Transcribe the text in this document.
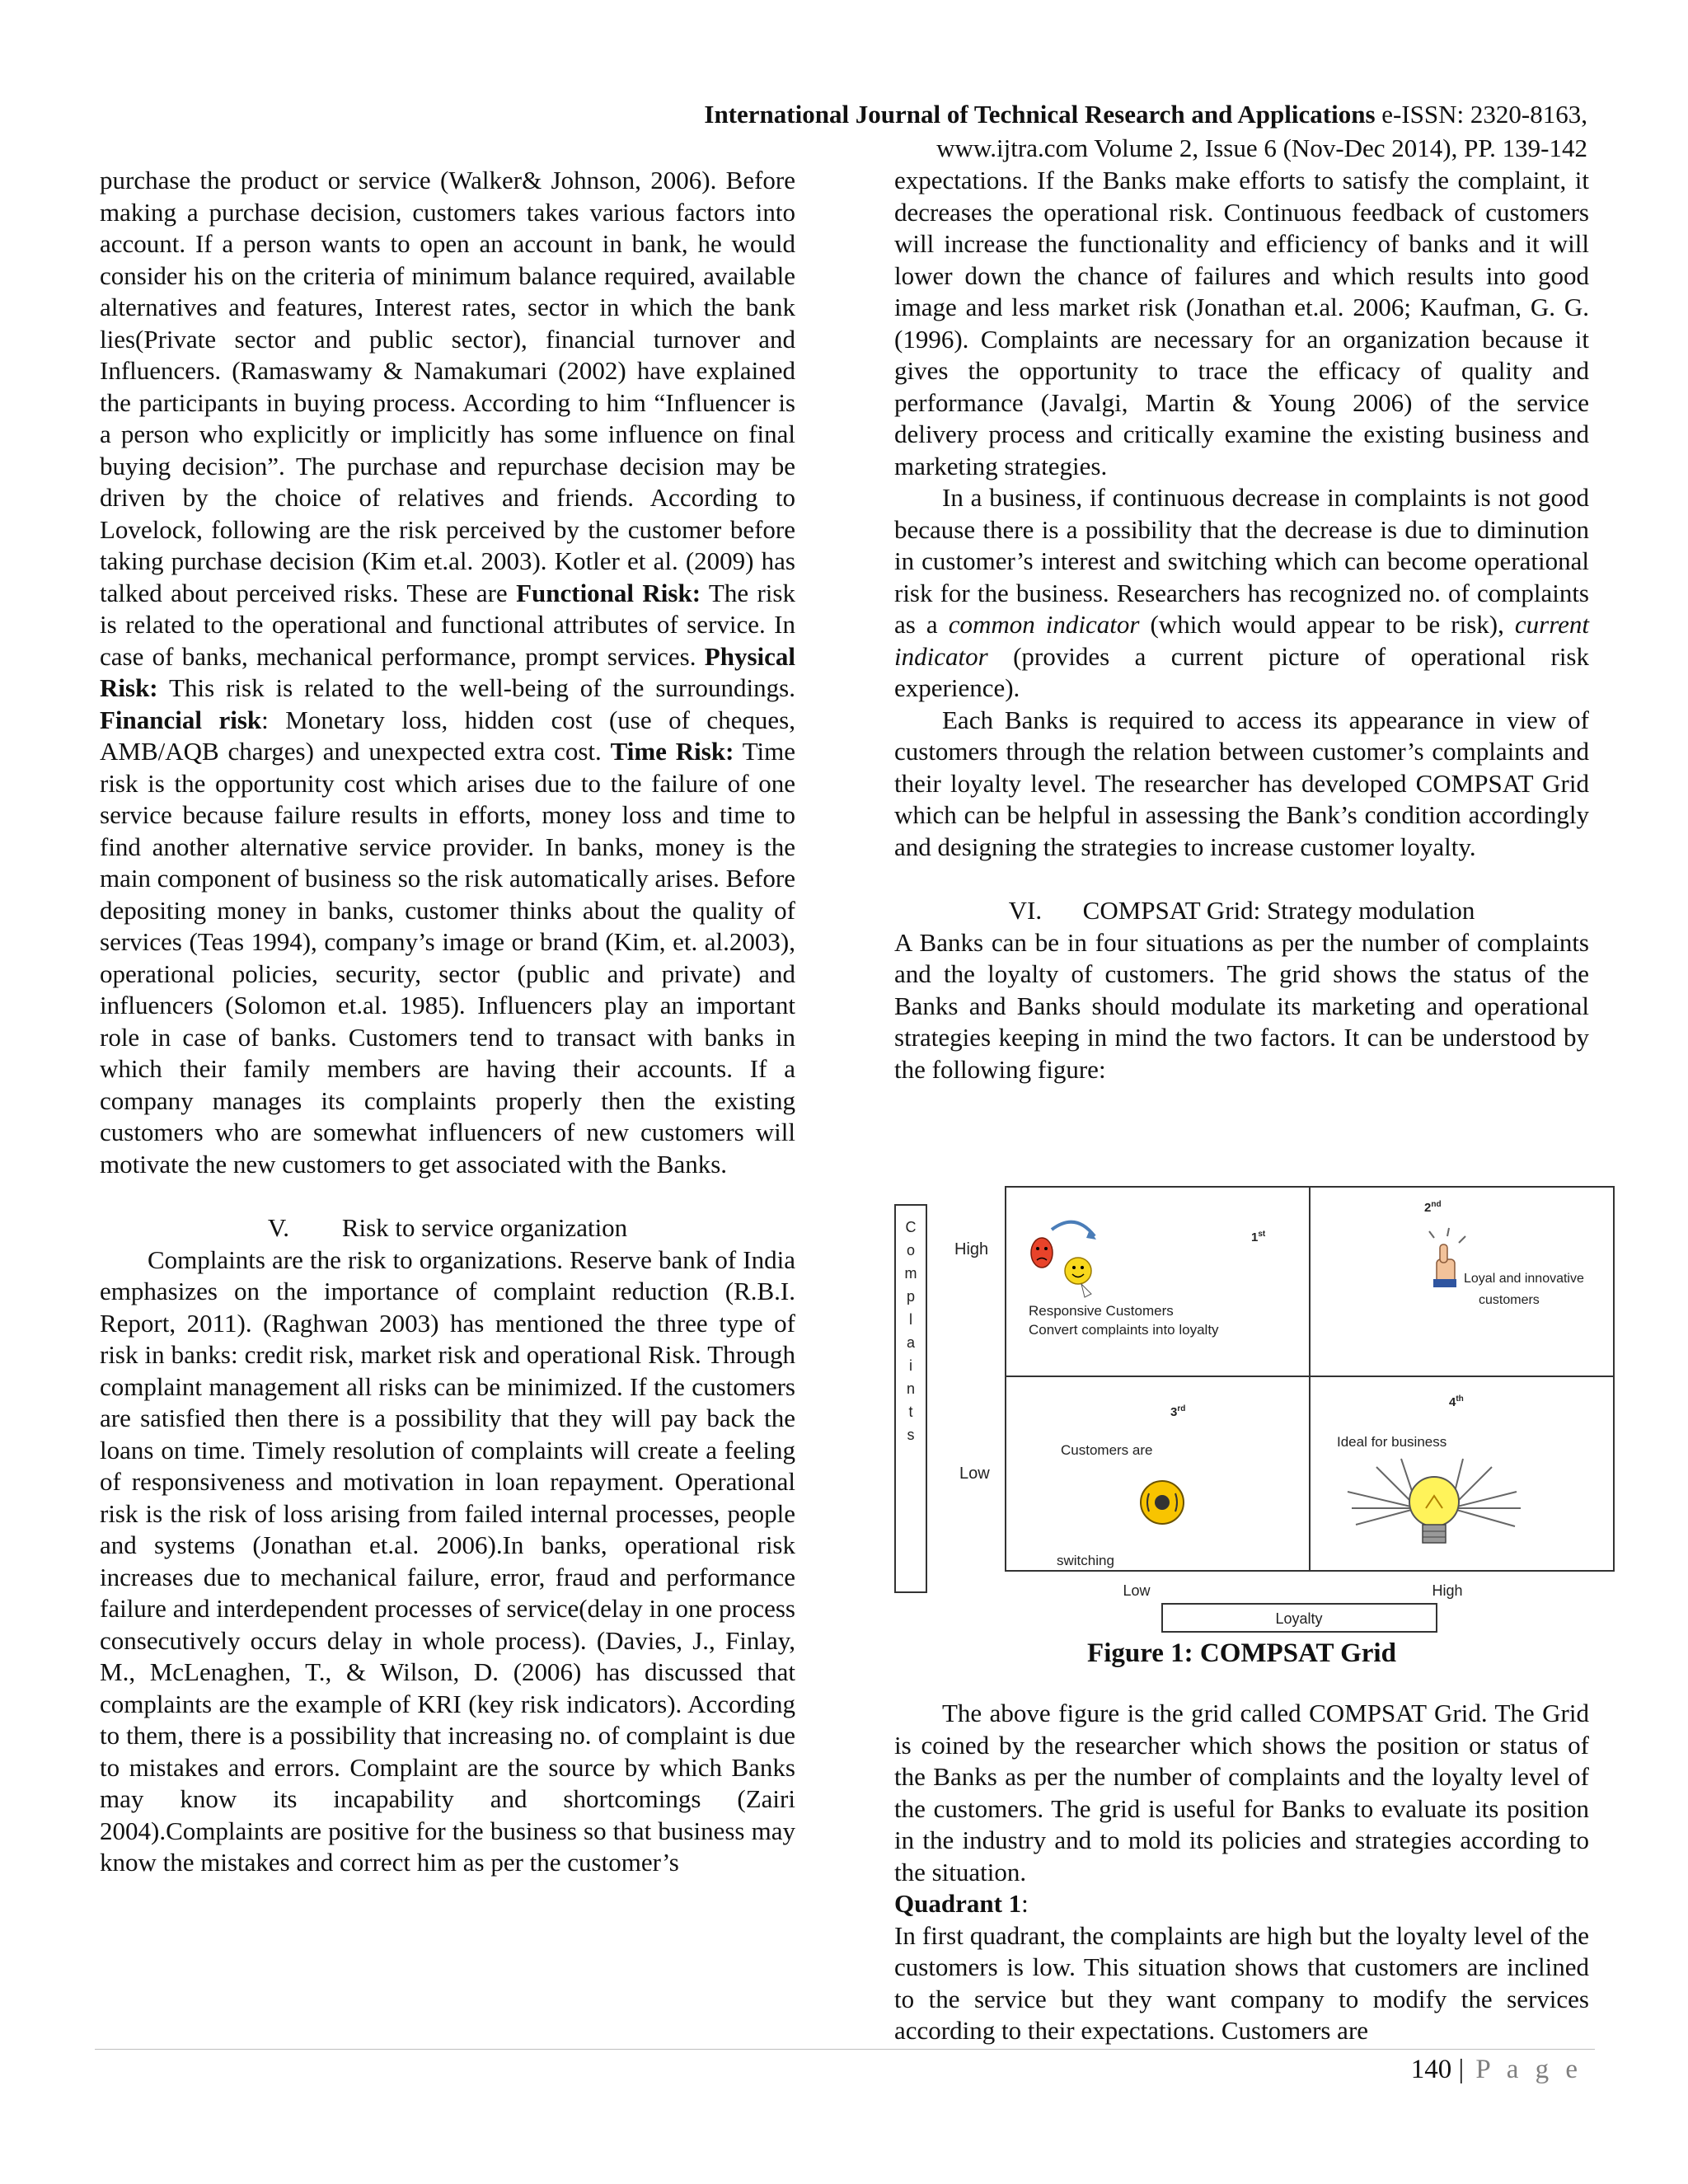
International Journal of Technical Research and Applications e-ISSN: 2320-8163,
www.ijtra.com Volume 2, Issue 6 (Nov-Dec 2014), PP. 139-142

purchase the product or service (Walker& Johnson, 2006). Before making a purchase decision, customers takes various factors into account. If a person wants to open an account in bank, he would consider his on the criteria of minimum balance required, available alternatives and features, Interest rates, sector in which the bank lies(Private sector and public sector), financial turnover and Influencers. (Ramaswamy & Namakumari (2002) have explained the participants in buying process. According to him “Influencer is a person who explicitly or implicitly has some influence on final buying decision”. The purchase and repurchase decision may be driven by the choice of relatives and friends. According to Lovelock, following are the risk perceived by the customer before taking purchase decision (Kim et.al. 2003). Kotler et al. (2009) has talked about perceived risks. These are Functional Risk: The risk is related to the operational and functional attributes of service. In case of banks, mechanical performance, prompt services. Physical Risk: This risk is related to the well-being of the surroundings. Financial risk: Monetary loss, hidden cost (use of cheques, AMB/AQB charges) and unexpected extra cost. Time Risk: Time risk is the opportunity cost which arises due to the failure of one service because failure results in efforts, money loss and time to find another alternative service provider. In banks, money is the main component of business so the risk automatically arises. Before depositing money in banks, customer thinks about the quality of services (Teas 1994), company’s image or brand (Kim, et. al.2003), operational policies, security, sector (public and private) and influencers (Solomon et.al. 1985). Influencers play an important role in case of banks. Customers tend to transact with banks in which their family members are having their accounts. If a company manages its complaints properly then the existing customers who are somewhat influencers of new customers will motivate the new customers to get associated with the Banks.

V. Risk to service organization

Complaints are the risk to organizations. Reserve bank of India emphasizes on the importance of complaint reduction (R.B.I. Report, 2011). (Raghwan 2003) has mentioned the three type of risk in banks: credit risk, market risk and operational Risk. Through complaint management all risks can be minimized. If the customers are satisfied then there is a possibility that they will pay back the loans on time. Timely resolution of complaints will create a feeling of responsiveness and motivation in loan repayment. Operational risk is the risk of loss arising from failed internal processes, people and systems (Jonathan et.al. 2006).In banks, operational risk increases due to mechanical failure, error, fraud and performance failure and interdependent processes of service(delay in one process consecutively occurs delay in whole process). (Davies, J., Finlay, M., McLenaghen, T., & Wilson, D. (2006) has discussed that complaints are the example of KRI (key risk indicators). According to them, there is a possibility that increasing no. of complaint is due to mistakes and errors. Complaint are the source by which Banks may know its incapability and shortcomings (Zairi 2004).Complaints are positive for the business so that business may know the mistakes and correct him as per the customer’s

expectations. If the Banks make efforts to satisfy the complaint, it decreases the operational risk. Continuous feedback of customers will increase the functionality and efficiency of banks and it will lower down the chance of failures and which results into good image and less market risk (Jonathan et.al. 2006; Kaufman, G. G. (1996). Complaints are necessary for an organization because it gives the opportunity to trace the efficacy of quality and performance (Javalgi, Martin & Young 2006) of the service delivery process and critically examine the existing business and marketing strategies.

In a business, if continuous decrease in complaints is not good because there is a possibility that the decrease is due to diminution in customer’s interest and switching which can become operational risk for the business. Researchers has recognized no. of complaints as a common indicator (which would appear to be risk), current indicator (provides a current picture of operational risk experience).

Each Banks is required to access its appearance in view of customers through the relation between customer’s complaints and their loyalty level. The researcher has developed COMPSAT Grid which can be helpful in assessing the Bank’s condition accordingly and designing the strategies to increase customer loyalty.

VI. COMPSAT Grid: Strategy modulation

A Banks can be in four situations as per the number of complaints and the loyalty of customers. The grid shows the status of the Banks and Banks should modulate its marketing and operational strategies keeping in mind the two factors. It can be understood by the following figure:

C
o
m
p
l
a
i
n
t
s
High
Low
1st
Responsive Customers
Convert complaints into loyalty
2nd
Loyal and innovative
customers
3rd
Customers are
switching
4th
Ideal for business
Low	High
Loyalty
Figure 1: COMPSAT Grid

The above figure is the grid called COMPSAT Grid. The Grid is coined by the researcher which shows the position or status of the Banks as per the number of complaints and the loyalty level of the customers. The grid is useful for Banks to evaluate its position in the industry and to mold its policies and strategies according to the situation.

Quadrant 1:

In first quadrant, the complaints are high but the loyalty level of the customers is low. This situation shows that customers are inclined to the service but they want company to modify the services according to their expectations. Customers are

140 | P a g e
